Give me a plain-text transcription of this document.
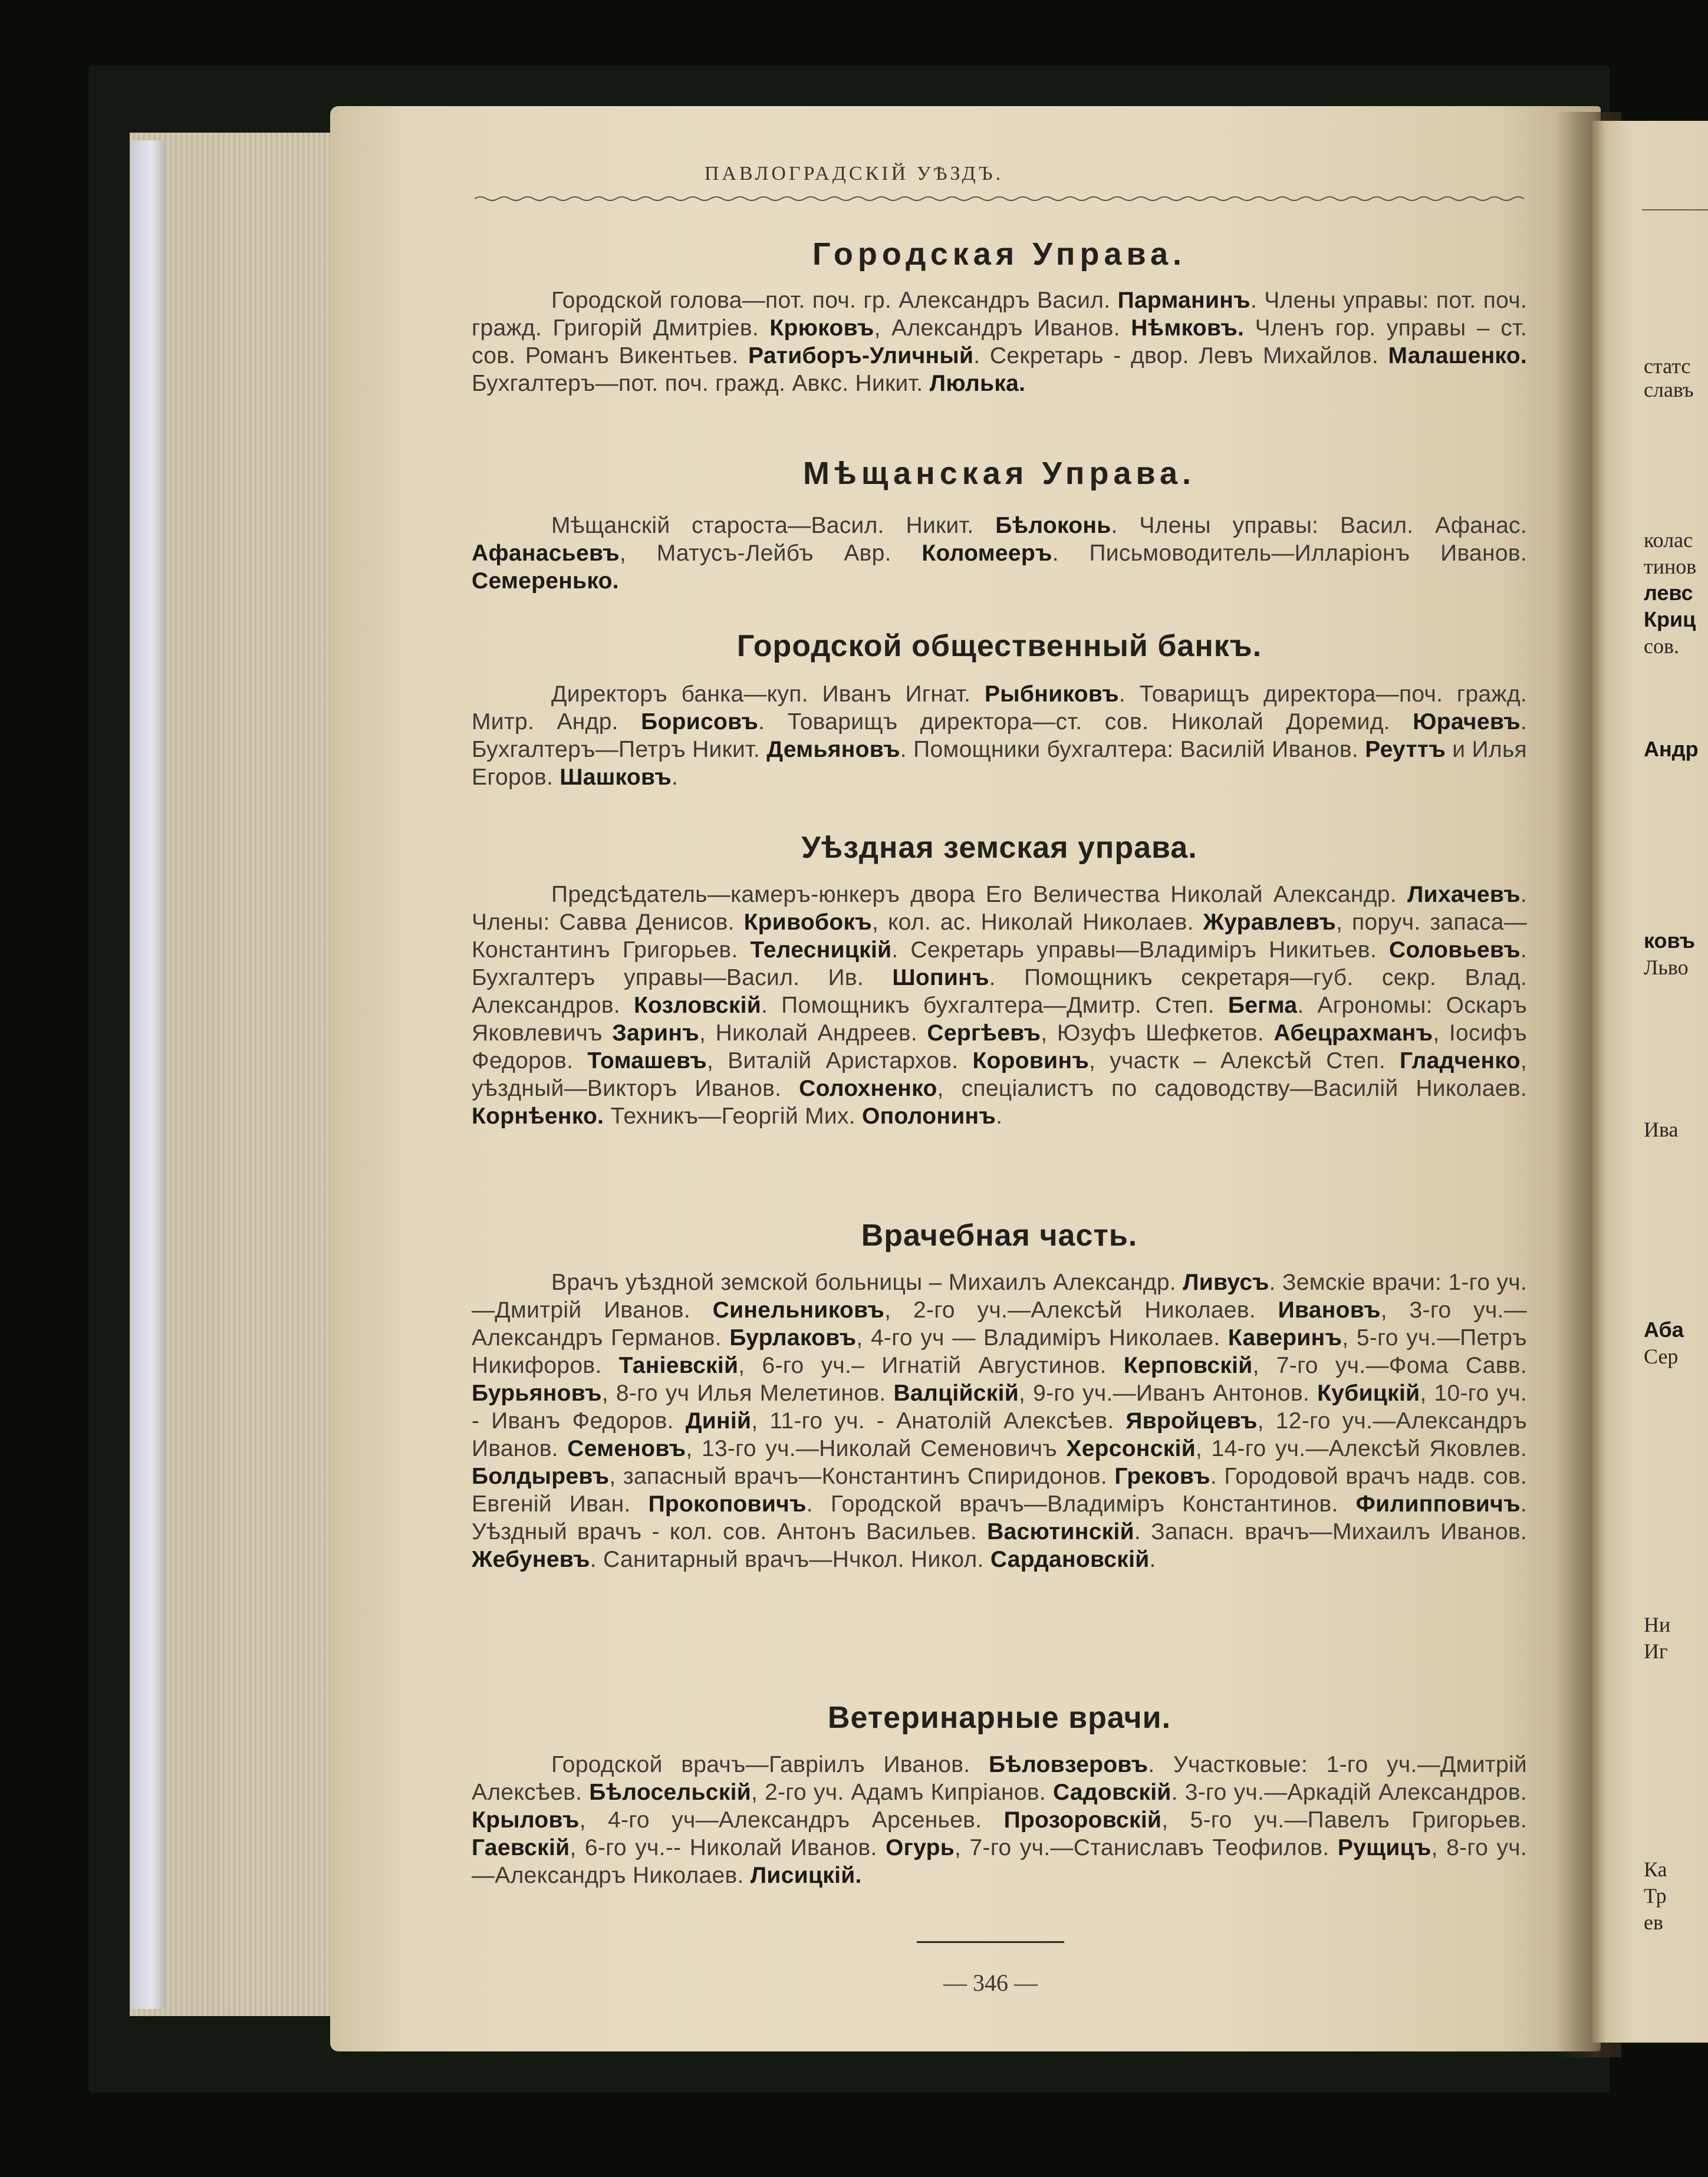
статс
славъ
колас
тинов
левс
Криц
сов.
Андр
ковъ
Льво
Ива
Аба
Сер
Ни
Иг
Ка
Тр
ев
ПАВЛОГРАДСКІЙ УѢЗДЪ.
Городская Управа.
Городской голова—пот. поч. гр. Александръ Васил. Парманинъ. Члены управы: пот. поч. гражд. Григорій Дмитріев. Крюковъ, Александръ Иванов. Нѣмковъ. Членъ гор. управы – ст. сов. Романъ Викентьев. Ратиборъ-Уличный. Секретарь - двор. Левъ Михайлов. Малашенко. Бухгалтеръ—пот. поч. гражд. Авкс. Никит. Люлька.
Мѣщанская Управа.
Мѣщанскій староста—Васил. Никит. Бѣлоконь. Члены управы: Васил. Афанас. Афанасьевъ, Матусъ-Лейбъ Авр. Коломееръ. Письмоводитель—Илларіонъ Иванов. Семеренько.
Городской общественный банкъ.
Директоръ банка—куп. Иванъ Игнат. Рыбниковъ. Товарищъ директора—поч. гражд. Митр. Андр. Борисовъ. Товарищъ директора—ст. сов. Николай Доремид. Юрачевъ. Бухгалтеръ—Петръ Никит. Демьяновъ. Помощники бухгалтера: Василій Иванов. Реуттъ и Илья Егоров. Шашковъ.
Уѣздная земская управа.
Предсѣдатель—камеръ-юнкеръ двора Его Величества Николай Александр. Лихачевъ. Члены: Савва Денисов. Кривобокъ, кол. ас. Николай Николаев. Журавлевъ, поруч. запаса—Константинъ Григорьев. Телесницкій. Секретарь управы—Владиміръ Никитьев. Соловьевъ. Бухгалтеръ управы—Васил. Ив. Шопинъ. Помощникъ секретаря—губ. секр. Влад. Александров. Козловскій. Помощникъ бухгалтера—Дмитр. Степ. Бегма. Агрономы: Оскаръ Яковлевичъ Заринъ, Николай Андреев. Сергѣевъ, Юзуфъ Шефкетов. Абецрахманъ, Іосифъ Федоров. Томашевъ, Виталій Аристархов. Коровинъ, участк – Алексѣй Степ. Гладченко, уѣздный—Викторъ Иванов. Солохненко, спеціалистъ по садоводству—Василій Николаев. Корнѣенко. Техникъ—Георгій Мих. Ополонинъ.
Врачебная часть.
Врачъ уѣздной земской больницы – Михаилъ Александр. Ливусъ. Земскіе врачи: 1-го уч.—Дмитрій Иванов. Синельниковъ, 2-го уч.—Алексѣй Николаев. Ивановъ, 3-го уч.—Александръ Германов. Бурлаковъ, 4-го уч — Владиміръ Николаев. Каверинъ, 5-го уч.—Петръ Никифоров. Таніевскій, 6-го уч.– Игнатій Августинов. Керповскій, 7-го уч.—Фома Савв. Бурьяновъ, 8-го уч Илья Мелетинов. Валційскій, 9-го уч.—Иванъ Антонов. Кубицкій, 10-го уч. - Иванъ Федоров. Диній, 11-го уч. - Анатолій Алексѣев. Явройцевъ, 12-го уч.—Александръ Иванов. Семеновъ, 13-го уч.—Николай Семеновичъ Херсонскій, 14-го уч.—Алексѣй Яковлев. Болдыревъ, запасный врачъ—Константинъ Спиридонов. Грековъ. Городовой врачъ надв. сов. Евгеній Иван. Прокоповичъ. Городской врачъ—Владиміръ Константинов. Филипповичъ. Уѣздный врачъ - кол. сов. Антонъ Васильев. Васютинскій. Запасн. врачъ—Михаилъ Иванов. Жебуневъ. Санитарный врачъ—Нчкол. Никол. Сардановскій.
Ветеринарные врачи.
Городской врачъ—Гавріилъ Иванов. Бѣловзеровъ. Участковые: 1-го уч.—Дмитрій Алексѣев. Бѣлосельскій, 2-го уч. Адамъ Кипріанов. Садовскій. 3-го уч.—Аркадій Александров. Крыловъ, 4-го уч—Александръ Арсеньев. Прозоровскій, 5-го уч.—Павелъ Григорьев. Гаевскій, 6-го уч.-- Николай Иванов. Огурь, 7-го уч.—Станиславъ Теофилов. Рущицъ, 8-го уч.—Александръ Николаев. Лисицкій.
— 346 —
